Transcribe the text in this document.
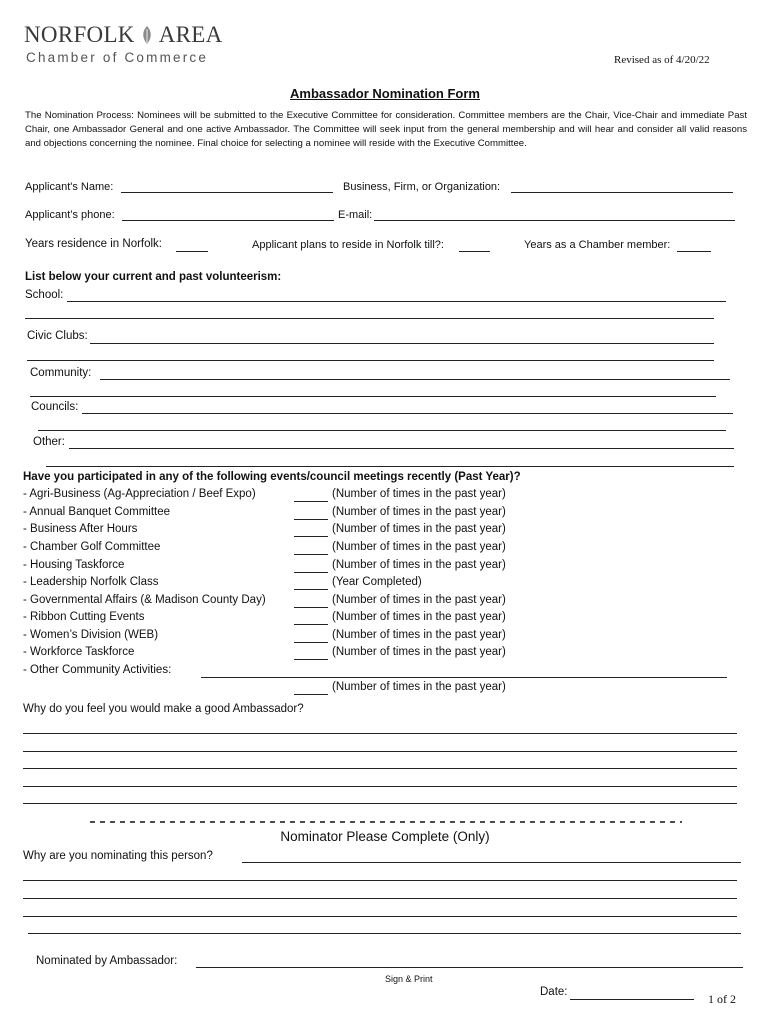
NORFOLK AREA
Chamber of Commerce	Revised as of 4/20/22
Ambassador Nomination Form
The Nomination Process: Nominees will be submitted to the Executive Committee for consideration. Committee members are the Chair, Vice-Chair and immediate Past Chair, one Ambassador General and one active Ambassador. The Committee will seek input from the general membership and will hear and consider all valid reasons and objections concerning the nominee. Final choice for selecting a nominee will reside with the Executive Committee.
Applicant's Name:	Business, Firm, or Organization:
Applicant’s phone:	E-mail:
Years residence in Norfolk:	Applicant plans to reside in Norfolk till?:	Years as a Chamber member:
List below your current and past volunteerism:
School:
Civic Clubs:
Community:
Councils:
Other:
Have you participated in any of the following events/council meetings recently (Past Year)?
- Agri-Business (Ag-Appreciation / Beef Expo)	(Number of times in the past year)
- Annual Banquet Committee	(Number of times in the past year)
- Business After Hours	(Number of times in the past year)
- Chamber Golf Committee	(Number of times in the past year)
- Housing Taskforce	(Number of times in the past year)
- Leadership Norfolk Class	(Year Completed)
- Governmental Affairs (& Madison County Day)	(Number of times in the past year)
- Ribbon Cutting Events	(Number of times in the past year)
- Women’s Division (WEB)	(Number of times in the past year)
- Workforce Taskforce	(Number of times in the past year)
- Other Community Activities:
(Number of times in the past year)
Why do you feel you would make a good Ambassador?
Nominator Please Complete (Only)
Why are you nominating this person?
Nominated by Ambassador:
Sign & Print
Date:	1 of 2
